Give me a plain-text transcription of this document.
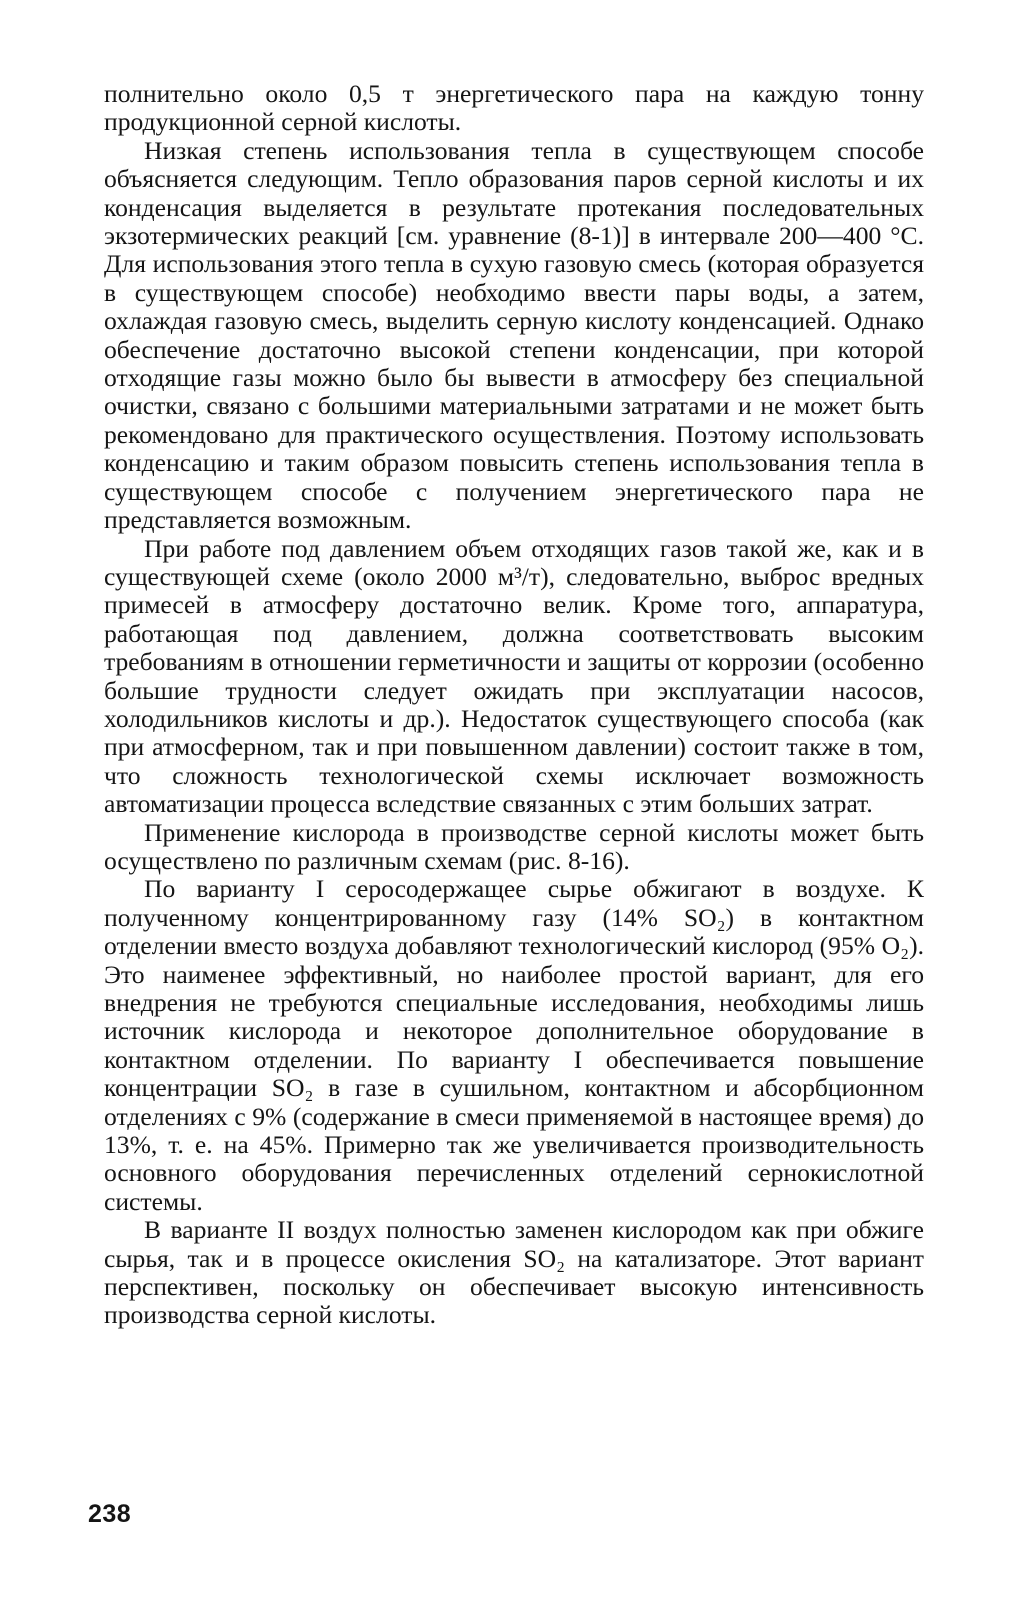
полнительно около 0,5 т энергетического пара на каждую тонну продукционной серной кислоты.

Низкая степень использования тепла в существующем способе объясняется следующим. Тепло образования паров серной кислоты и их конденсация выделяется в результате протекания последовательных экзотермических реакций [см. уравнение (8-1)] в интервале 200—400 °С. Для использования этого тепла в сухую газовую смесь (которая образуется в существующем способе) необходимо ввести пары воды, а затем, охлаждая газовую смесь, выделить серную кислоту конденсацией. Однако обеспечение достаточно высокой степени конденсации, при которой отходящие газы можно было бы вывести в атмосферу без специальной очистки, связано с большими материальными затратами и не может быть рекомендовано для практического осуществления. Поэтому использовать конденсацию и таким образом повысить степень использования тепла в существующем способе с получением энергетического пара не представляется возможным.

При работе под давлением объем отходящих газов такой же, как и в существующей схеме (около 2000 м³/т), следовательно, выброс вредных примесей в атмосферу достаточно велик. Кроме того, аппаратура, работающая под давлением, должна соответствовать высоким требованиям в отношении герметичности и защиты от коррозии (особенно большие трудности следует ожидать при эксплуатации насосов, холодильников кислоты и др.). Недостаток существующего способа (как при атмосферном, так и при повышенном давлении) состоит также в том, что сложность технологической схемы исключает возможность автоматизации процесса вследствие связанных с этим больших затрат.

Применение кислорода в производстве серной кислоты может быть осуществлено по различным схемам (рис. 8-16).

По варианту I серосодержащее сырье обжигают в воздухе. К полученному концентрированному газу (14% SO₂) в контактном отделении вместо воздуха добавляют технологический кислород (95% O₂). Это наименее эффективный, но наиболее простой вариант, для его внедрения не требуются специальные исследования, необходимы лишь источник кислорода и некоторое дополнительное оборудование в контактном отделении. По варианту I обеспечивается повышение концентрации SO₂ в газе в сушильном, контактном и абсорбционном отделениях с 9% (содержание в смеси применяемой в настоящее время) до 13%, т. е. на 45%. Примерно так же увеличивается производительность основного оборудования перечисленных отделений сернокислотной системы.

В варианте II воздух полностью заменен кислородом как при обжиге сырья, так и в процессе окисления SO₂ на катализаторе. Этот вариант перспективен, поскольку он обеспечивает высокую интенсивность производства серной кислоты.

238
